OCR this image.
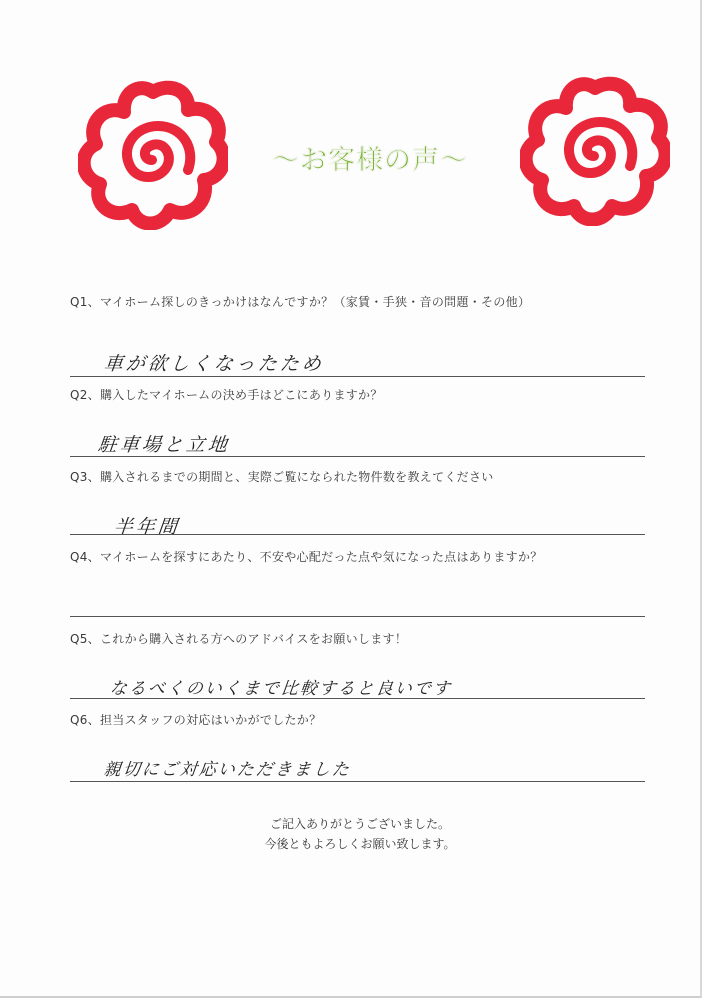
～お客様の声～
Q1、マイホーム探しのきっかけはなんですか？（家賃・手狭・音の問題・その他）
車が欲しくなったため
Q2、購入したマイホームの決め手はどこにありますか？
駐車場と立地
Q3、購入されるまでの期間と、実際ご覧になられた物件数を教えてください
半年間
Q4、マイホームを探すにあたり、不安や心配だった点や気になった点はありますか？
Q5、これから購入される方へのアドバイスをお願いします！
なるべくのいくまで比較すると良いです
Q6、担当スタッフの対応はいかがでしたか？
親切にご対応いただきました
ご記入ありがとうございました。
今後ともよろしくお願い致します。
